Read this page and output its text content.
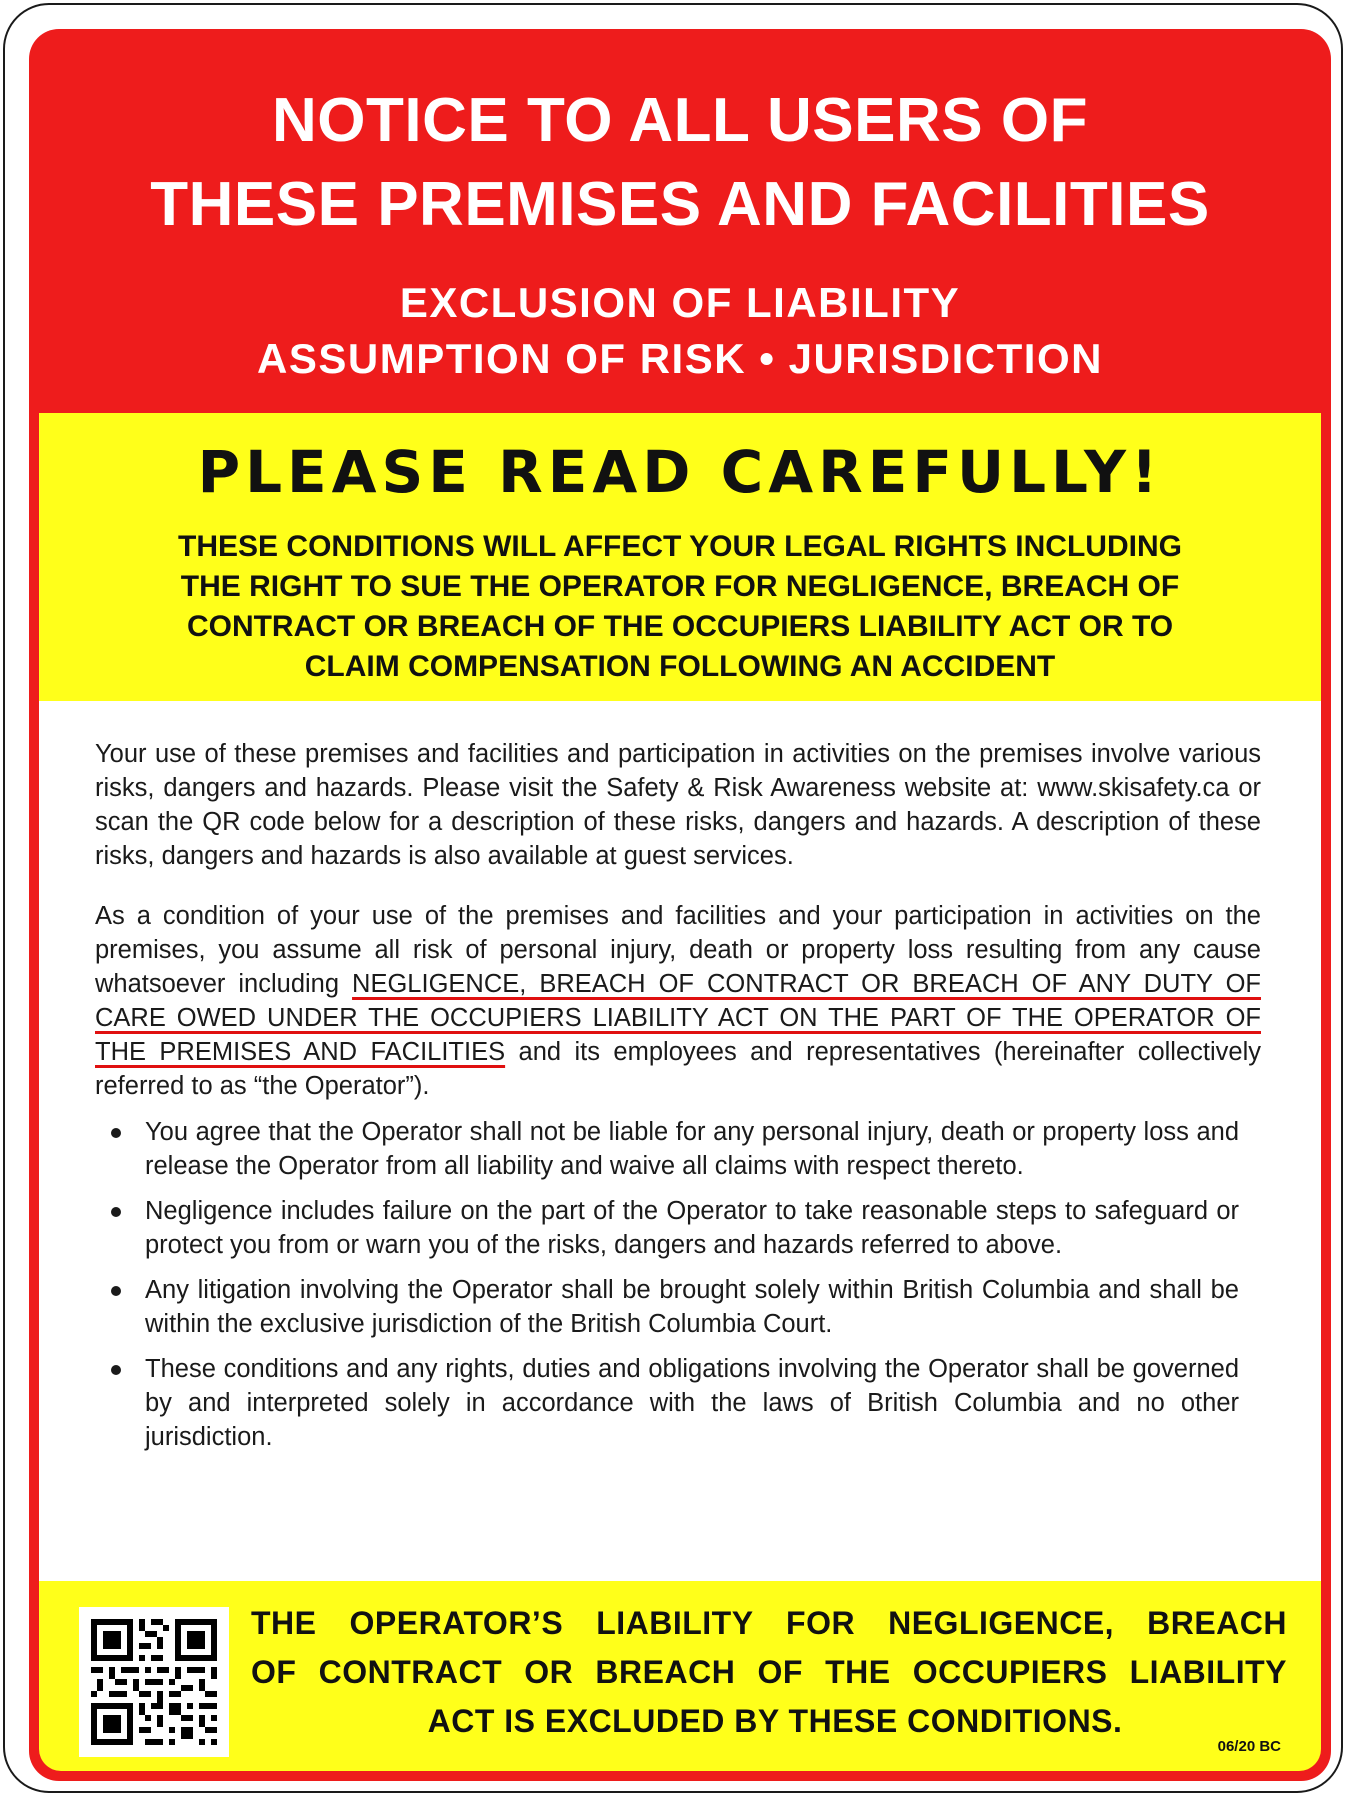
NOTICE TO ALL USERS OF
THESE PREMISES AND FACILITIES
EXCLUSION OF LIABILITY
ASSUMPTION OF RISK • JURISDICTION
PLEASE READ CAREFULLY!
THESE CONDITIONS WILL AFFECT YOUR LEGAL RIGHTS INCLUDING
THE RIGHT TO SUE THE OPERATOR FOR NEGLIGENCE, BREACH OF
CONTRACT OR BREACH OF THE OCCUPIERS LIABILITY ACT OR TO
CLAIM COMPENSATION FOLLOWING AN ACCIDENT

Your use of these premises and facilities and participation in activities on the premises involve various risks, dangers and hazards. Please visit the Safety & Risk Awareness website at: www.skisafety.ca or scan the QR code below for a description of these risks, dangers and hazards. A description of these risks, dangers and hazards is also available at guest services.

As a condition of your use of the premises and facilities and your participation in activities on the premises, you assume all risk of personal injury, death or property loss resulting from any cause whatsoever including NEGLIGENCE, BREACH OF CONTRACT OR BREACH OF ANY DUTY OF CARE OWED UNDER THE OCCUPIERS LIABILITY ACT ON THE PART OF THE OPERATOR OF THE PREMISES AND FACILITIES and its employees and representatives (hereinafter collectively referred to as “the Operator”).

You agree that the Operator shall not be liable for any personal injury, death or property loss and release the Operator from all liability and waive all claims with respect thereto.
Negligence includes failure on the part of the Operator to take reasonable steps to safeguard or protect you from or warn you of the risks, dangers and hazards referred to above.
Any litigation involving the Operator shall be brought solely within British Columbia and shall be within the exclusive jurisdiction of the British Columbia Court.
These conditions and any rights, duties and obligations involving the Operator shall be governed by and interpreted solely in accordance with the laws of British Columbia and no other jurisdiction.
THE OPERATOR’S LIABILITY FOR NEGLIGENCE, BREACH
OF CONTRACT OR BREACH OF THE OCCUPIERS LIABILITY
ACT IS EXCLUDED BY THESE CONDITIONS.
06/20 BC
